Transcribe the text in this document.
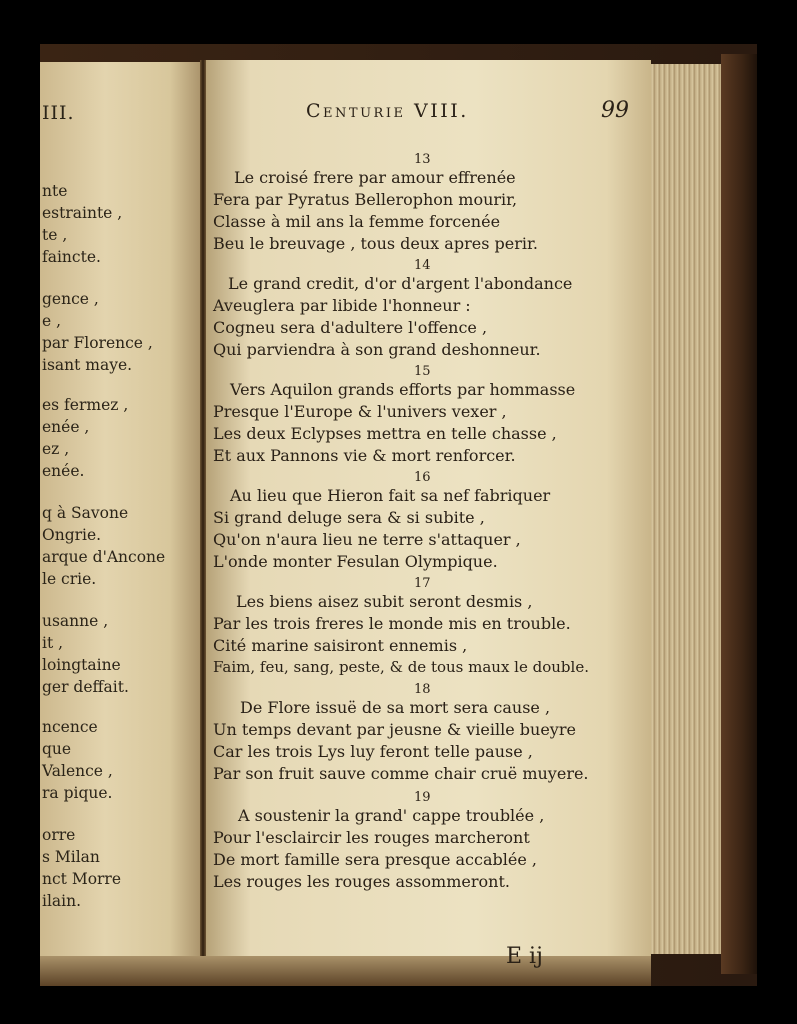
III.
nte
estrainte ,
te ,
faincte.
gence ,
e ,
par Florence ,
isant maye.
es fermez ,
enée ,
ez ,
enée.
q à Savone
Ongrie.
arque d'Ancone
le crie.
usanne ,
it ,
loingtaine
ger deffait.
ncence
que
Valence ,
ra pique.
orre
s Milan
nct Morre
ilain.
Centurie VIII.	99
13
Le croisé frere par amour effrenée
Fera par Pyratus Bellerophon mourir,
Classe à mil ans la femme forcenée
Beu le breuvage , tous deux apres perir.
14
Le grand credit, d'or d'argent l'abondance
Aveuglera par libide l'honneur :
Cogneu sera d'adultere l'offence ,
Qui parviendra à son grand deshonneur.
15
Vers Aquilon grands efforts par hommasse
Presque l'Europe & l'univers vexer ,
Les deux Eclypses mettra en telle chasse ,
Et aux Pannons vie & mort renforcer.
16
Au lieu que Hieron fait sa nef fabriquer
Si grand deluge sera & si subite ,
Qu'on n'aura lieu ne terre s'attaquer ,
L'onde monter Fesulan Olympique.
17
Les biens aisez subit seront desmis ,
Par les trois freres le monde mis en trouble.
Cité marine saisiront ennemis ,
Faim, feu, sang, peste, & de tous maux le double.
18
De Flore issuë de sa mort sera cause ,
Un temps devant par jeusne & vieille bueyre
Car les trois Lys luy feront telle pause ,
Par son fruit sauve comme chair cruë muyere.
19
A soustenir la grand' cappe troublée ,
Pour l'esclaircir les rouges marcheront
De mort famille sera presque accablée ,
Les rouges les rouges assommeront.
E ij
